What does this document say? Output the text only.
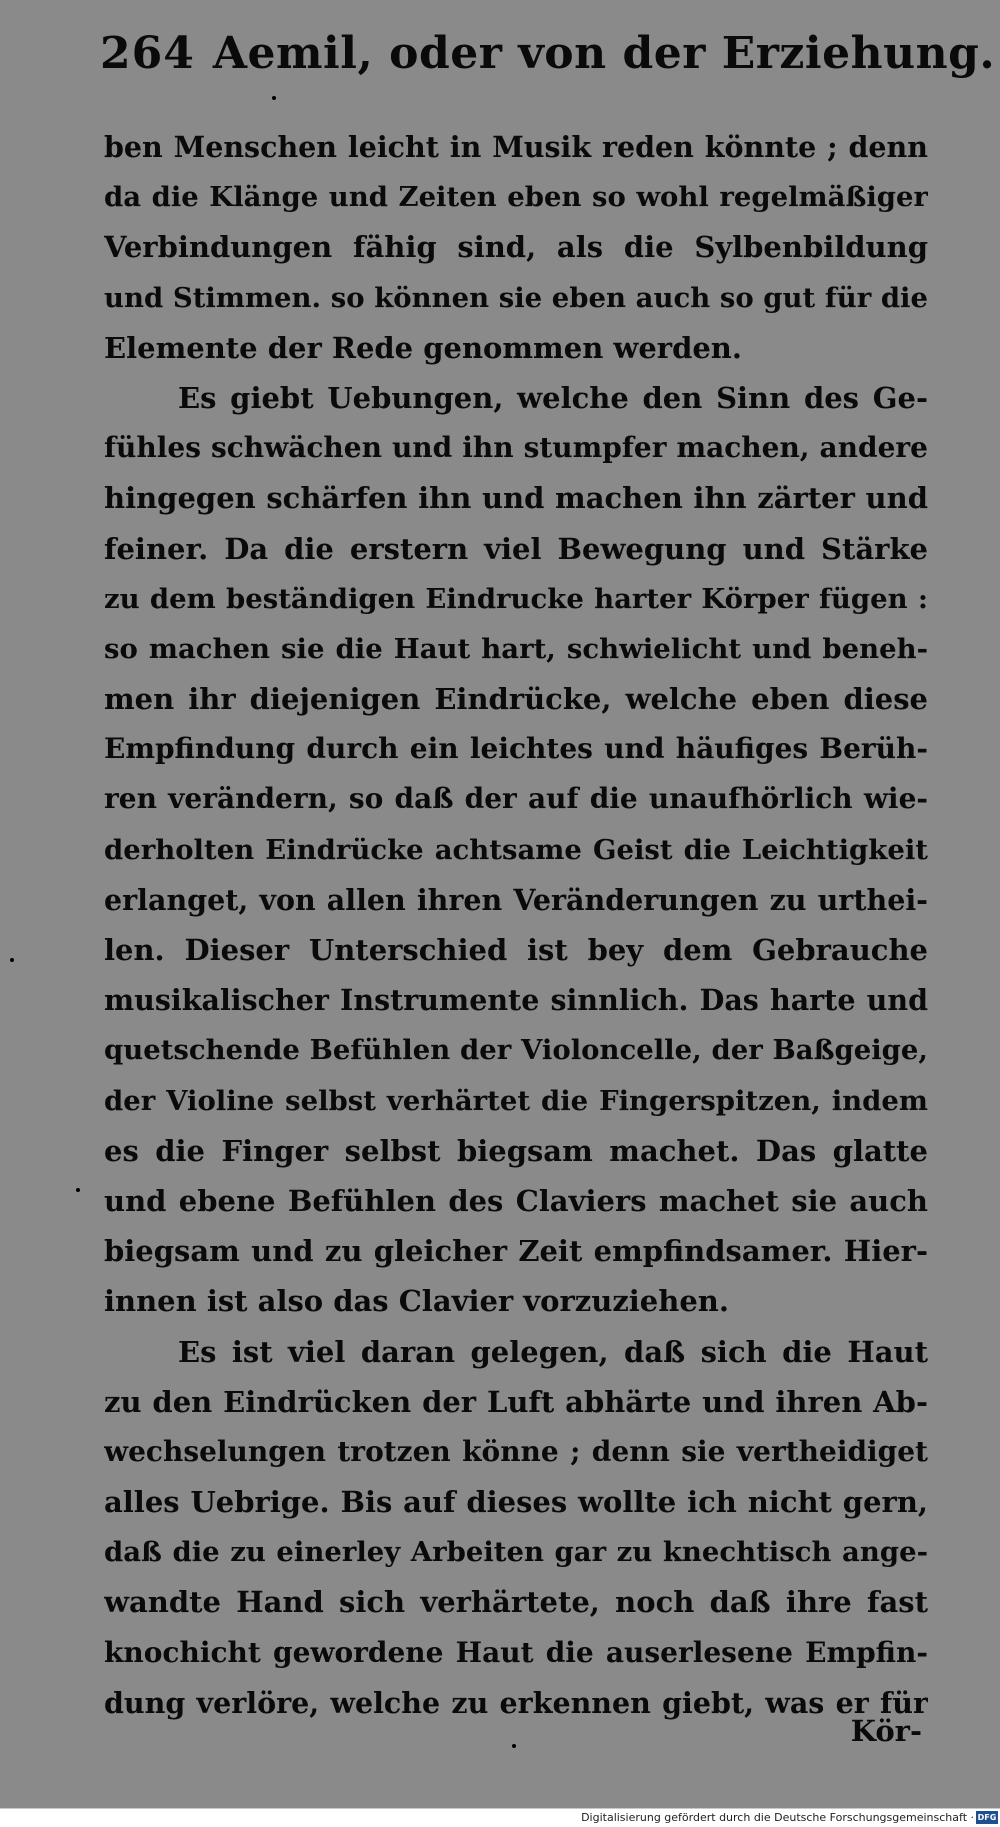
264 Aemil, oder von der Erziehung.
ben Menschen leicht in Musik reden könnte ; denn
da die Klänge und Zeiten eben so wohl regelmäßiger
Verbindungen fähig sind, als die Sylbenbildung
und Stimmen. so können sie eben auch so gut für die
Elemente der Rede genommen werden.
Es giebt Uebungen, welche den Sinn des Ge-
fühles schwächen und ihn stumpfer machen, andere
hingegen schärfen ihn und machen ihn zärter und
feiner. Da die erstern viel Bewegung und Stärke
zu dem beständigen Eindrucke harter Körper fügen :
so machen sie die Haut hart, schwielicht und beneh-
men ihr diejenigen Eindrücke, welche eben diese
Empfindung durch ein leichtes und häufiges Berüh-
ren verändern, so daß der auf die unaufhörlich wie-
derholten Eindrücke achtsame Geist die Leichtigkeit
erlanget, von allen ihren Veränderungen zu urthei-
len. Dieser Unterschied ist bey dem Gebrauche
musikalischer Instrumente sinnlich. Das harte und
quetschende Befühlen der Violoncelle, der Baßgeige,
der Violine selbst verhärtet die Fingerspitzen, indem
es die Finger selbst biegsam machet. Das glatte
und ebene Befühlen des Claviers machet sie auch
biegsam und zu gleicher Zeit empfindsamer. Hier-
innen ist also das Clavier vorzuziehen.
Es ist viel daran gelegen, daß sich die Haut
zu den Eindrücken der Luft abhärte und ihren Ab-
wechselungen trotzen könne ; denn sie vertheidiget
alles Uebrige. Bis auf dieses wollte ich nicht gern,
daß die zu einerley Arbeiten gar zu knechtisch ange-
wandte Hand sich verhärtete, noch daß ihre fast
knochicht gewordene Haut die auserlesene Empfin-
dung verlöre, welche zu erkennen giebt, was er für
Kör-
Digitalisierung gefördert durch die Deutsche Forschungsgemeinschaft · DFG
